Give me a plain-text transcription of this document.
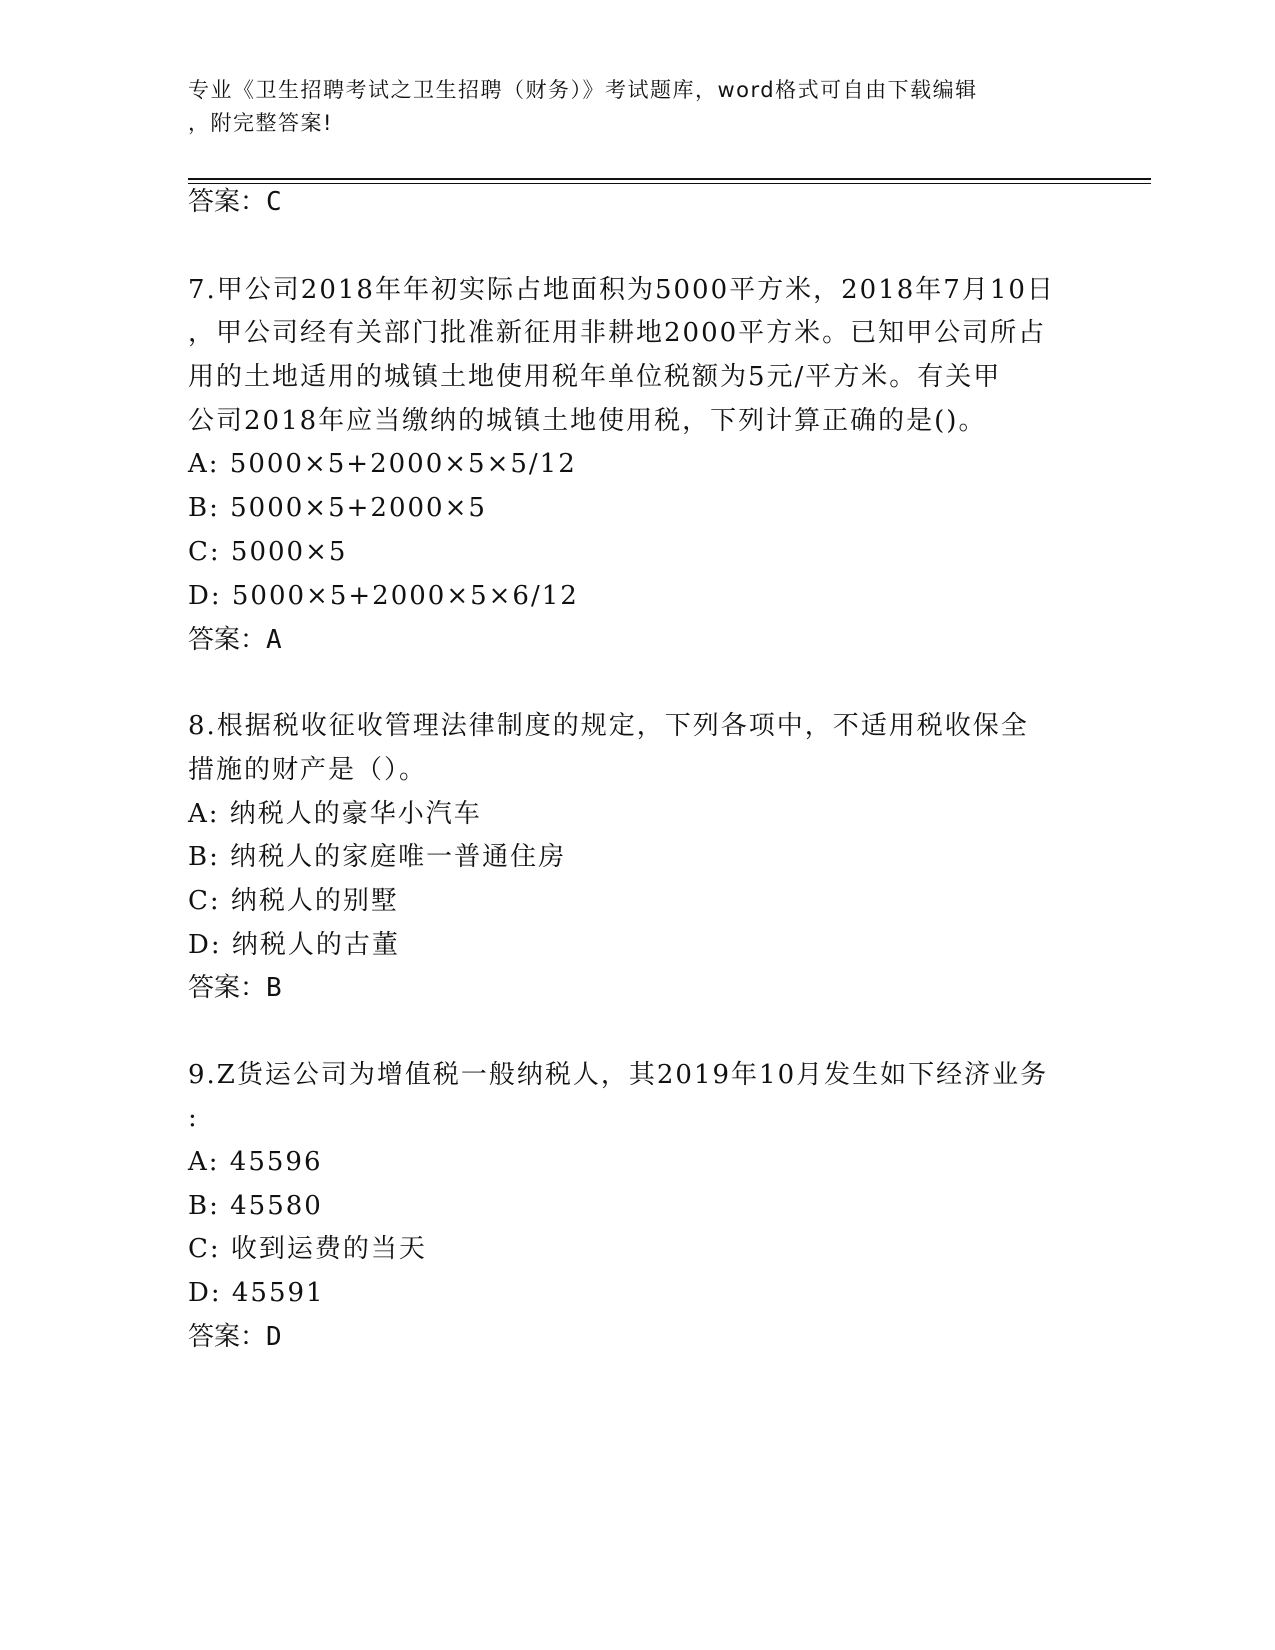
专业《卫生招聘考试之卫生招聘（财务）》考试题库，word格式可自由下载编辑
，附完整答案!
答案：C
7.甲公司2018年年初实际占地面积为5000平方米，2018年7月10日
，甲公司经有关部门批准新征用非耕地2000平方米。已知甲公司所占
用的土地适用的城镇土地使用税年单位税额为5元/平方米。有关甲
公司2018年应当缴纳的城镇土地使用税，下列计算正确的是()。
A: 5000×5+2000×5×5/12
B: 5000×5+2000×5
C: 5000×5
D: 5000×5+2000×5×6/12
答案：A
8.根据税收征收管理法律制度的规定，下列各项中，不适用税收保全
措施的财产是（）。
A: 纳税人的豪华小汽车
B: 纳税人的家庭唯一普通住房
C: 纳税人的别墅
D: 纳税人的古董
答案：B
9.Z货运公司为增值税一般纳税人，其2019年10月发生如下经济业务
:
A: 45596
B: 45580
C: 收到运费的当天
D: 45591
答案：D
